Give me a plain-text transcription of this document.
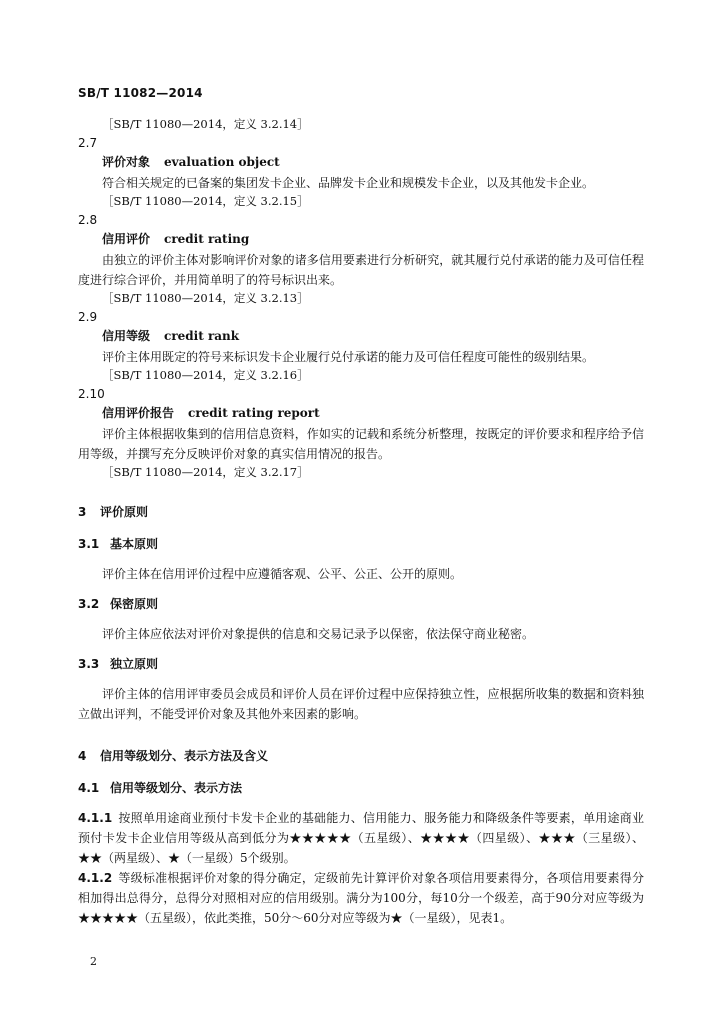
SB/T 11082—2014
［SB/T 11080—2014，定义 3.2.14］
2.7
评价对象 evaluation object
符合相关规定的已备案的集团发卡企业、品牌发卡企业和规模发卡企业，以及其他发卡企业。
［SB/T 11080—2014，定义 3.2.15］
2.8
信用评价 credit rating
由独立的评价主体对影响评价对象的诸多信用要素进行分析研究，就其履行兑付承诺的能力及可信任程度进行综合评价，并用简单明了的符号标识出来。
［SB/T 11080—2014，定义 3.2.13］
2.9
信用等级 credit rank
评价主体用既定的符号来标识发卡企业履行兑付承诺的能力及可信任程度可能性的级别结果。
［SB/T 11080—2014，定义 3.2.16］
2.10
信用评价报告 credit rating report
评价主体根据收集到的信用信息资料，作如实的记载和系统分析整理，按既定的评价要求和程序给予信用等级，并撰写充分反映评价对象的真实信用情况的报告。
［SB/T 11080—2014，定义 3.2.17］
3 评价原则
3.1 基本原则
评价主体在信用评价过程中应遵循客观、公平、公正、公开的原则。
3.2 保密原则
评价主体应依法对评价对象提供的信息和交易记录予以保密，依法保守商业秘密。
3.3 独立原则
评价主体的信用评审委员会成员和评价人员在评价过程中应保持独立性，应根据所收集的数据和资料独立做出评判，不能受评价对象及其他外来因素的影响。
4 信用等级划分、表示方法及含义
4.1 信用等级划分、表示方法
4.1.1 按照单用途商业预付卡发卡企业的基础能力、信用能力、服务能力和降级条件等要素，单用途商业预付卡发卡企业信用等级从高到低分为★★★★★（五星级）、★★★★（四星级）、★★★（三星级）、★★（两星级）、★（一星级）5个级别。
4.1.2 等级标准根据评价对象的得分确定，定级前先计算评价对象各项信用要素得分，各项信用要素得分相加得出总得分，总得分对照相对应的信用级别。满分为100分，每10分一个级差，高于90分对应等级为★★★★★（五星级），依此类推，50分～60分对应等级为★（一星级），见表1。
2
